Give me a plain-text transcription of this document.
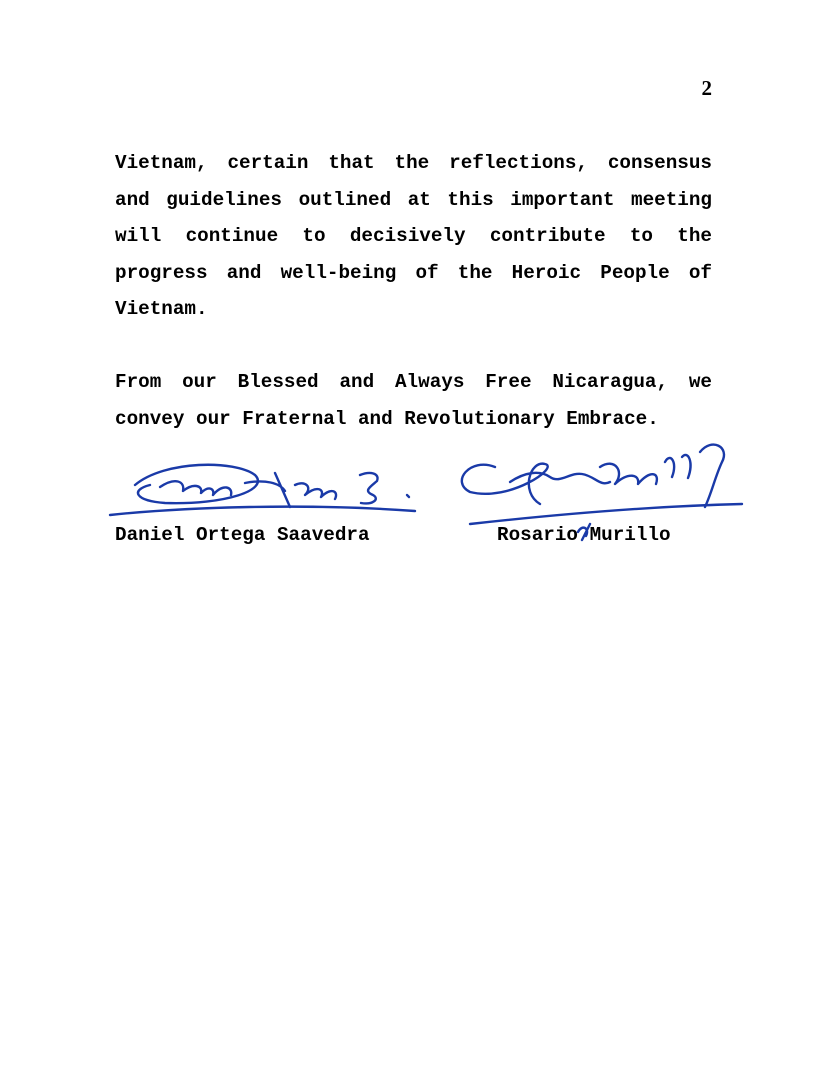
2

Vietnam, certain that the reflections, consensus and guidelines outlined at this important meeting will continue to decisively contribute to the progress and well-being of the Heroic People of Vietnam.

From our Blessed and Always Free Nicaragua, we convey our Fraternal and Revolutionary Embrace.

Daniel Ortega Saavedra	Rosario Murillo
